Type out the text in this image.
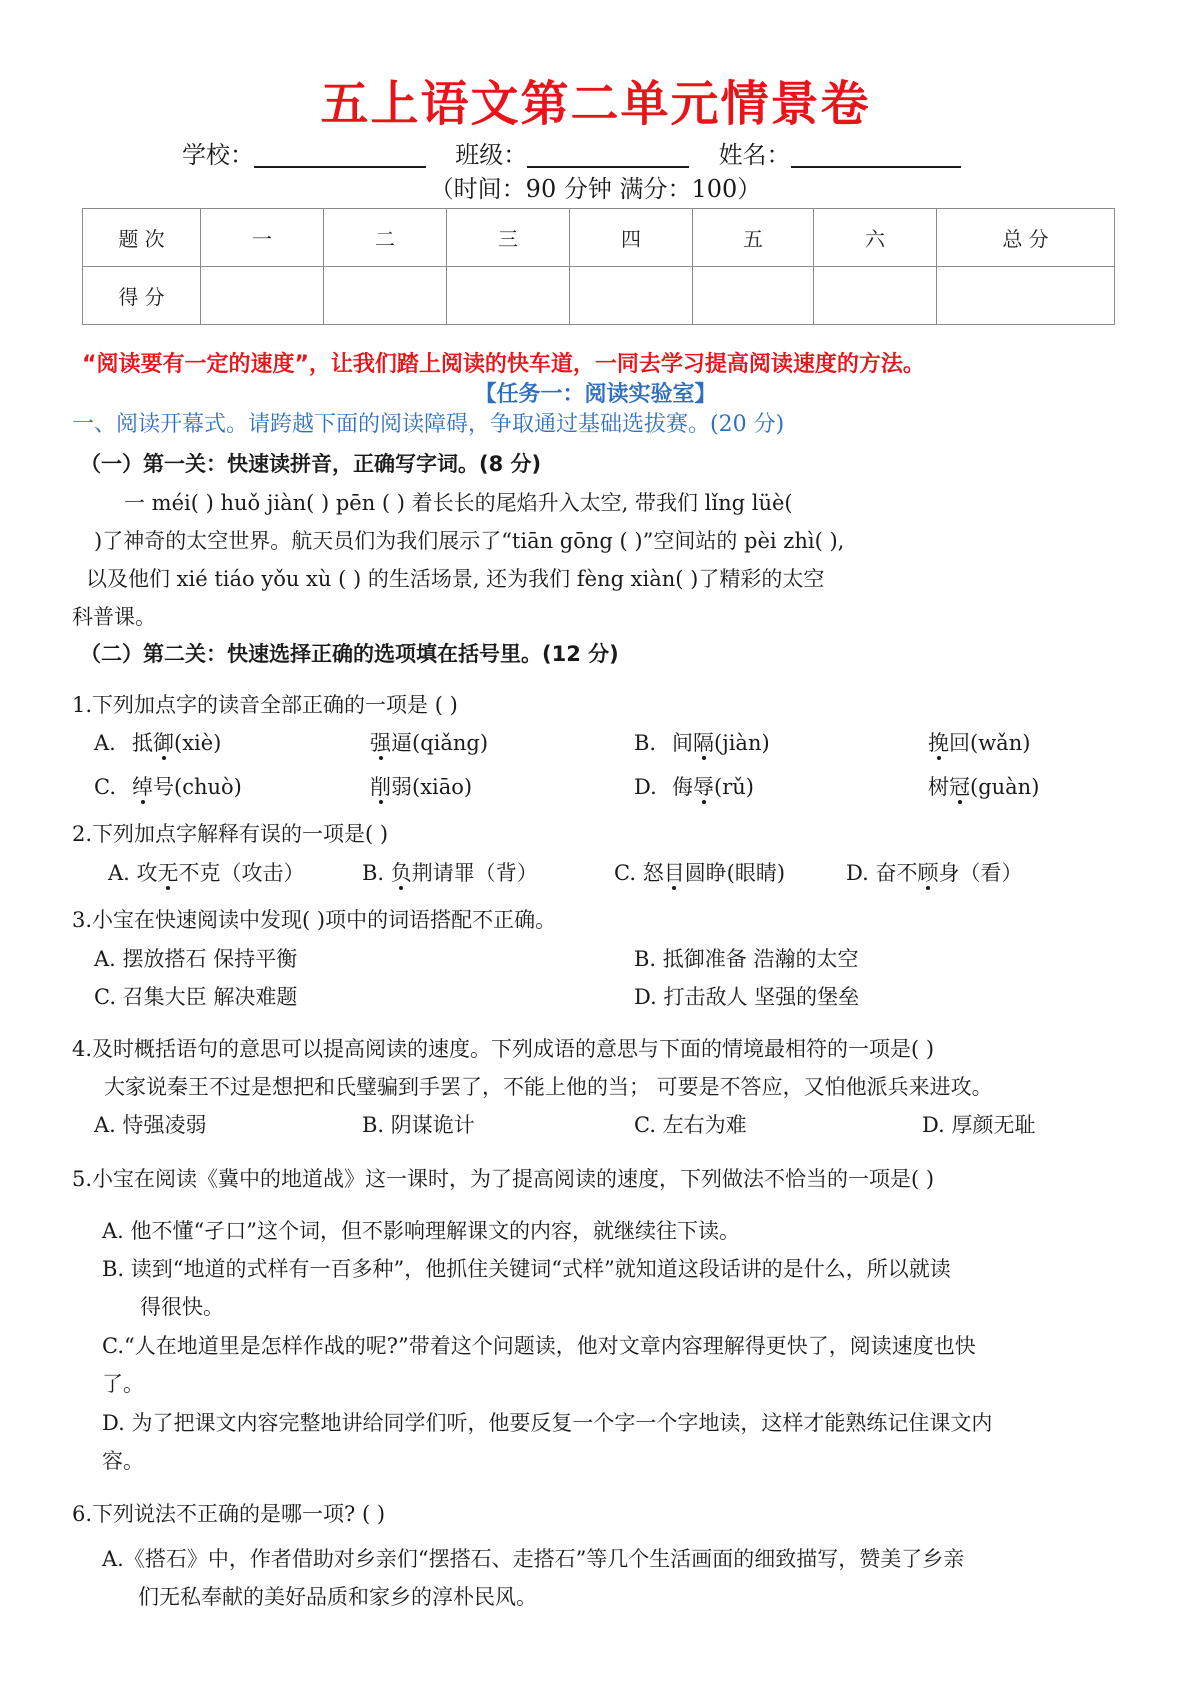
五上语文第二单元情景卷
学校：	班级：	姓名：
（时间：90 分钟 满分：100）
题 次	一	二	三	四	五	六	总 分
得 分							
“阅读要有一定的速度”，让我们踏上阅读的快车道，一同去学习提高阅读速度的方法。
【任务一：阅读实验室】
一、阅读开幕式。请跨越下面的阅读障碍，争取通过基础选拔赛。(20 分)
（一）第一关：快速读拼音，正确写字词。(8 分)
一 méi( ) huǒ jiàn( ) pēn ( ) 着长长的尾焰升入太空, 带我们 lǐng lüè(
)了神奇的太空世界。航天员们为我们展示了“tiān gōng ( )”空间站的 pèi zhì( ),
以及他们 xié tiáo yǒu xù ( ) 的生活场景, 还为我们 fèng xiàn( )了精彩的太空
科普课。
（二）第二关：快速选择正确的选项填在括号里。(12 分)
1.下列加点字的读音全部正确的一项是 ( )
A. 抵御(xiè)	强逼(qiǎng)	B. 间隔(jiàn)	挽回(wǎn)
C. 绰号(chuò)	削弱(xiāo)	D. 侮辱(rǔ)	树冠(guàn)
2.下列加点字解释有误的一项是( )
A. 攻无不克（攻击）	B. 负荆请罪（背）	C. 怒目圆睁(眼睛)	D. 奋不顾身（看）
3.小宝在快速阅读中发现( )项中的词语搭配不正确。
A. 摆放搭石 保持平衡	B. 抵御准备 浩瀚的太空
C. 召集大臣 解决难题	D. 打击敌人 坚强的堡垒
4.及时概括语句的意思可以提高阅读的速度。下列成语的意思与下面的情境最相符的一项是( )
大家说秦王不过是想把和氏璧骗到手罢了，不能上他的当； 可要是不答应，又怕他派兵来进攻。
A. 恃强凌弱	B. 阴谋诡计	C. 左右为难	D. 厚颜无耻
5.小宝在阅读《冀中的地道战》这一课时，为了提高阅读的速度，下列做法不恰当的一项是( )
A. 他不懂“孑口”这个词，但不影响理解课文的内容，就继续往下读。
B. 读到“地道的式样有一百多种”，他抓住关键词“式样”就知道这段话讲的是什么，所以就读
得很快。
C.“人在地道里是怎样作战的呢?”带着这个问题读，他对文章内容理解得更快了，阅读速度也快
了。
D. 为了把课文内容完整地讲给同学们听，他要反复一个字一个字地读，这样才能熟练记住课文内
容。
6.下列说法不正确的是哪一项? ( )
A.《搭石》中，作者借助对乡亲们“摆搭石、走搭石”等几个生活画面的细致描写，赞美了乡亲
们无私奉献的美好品质和家乡的淳朴民风。
